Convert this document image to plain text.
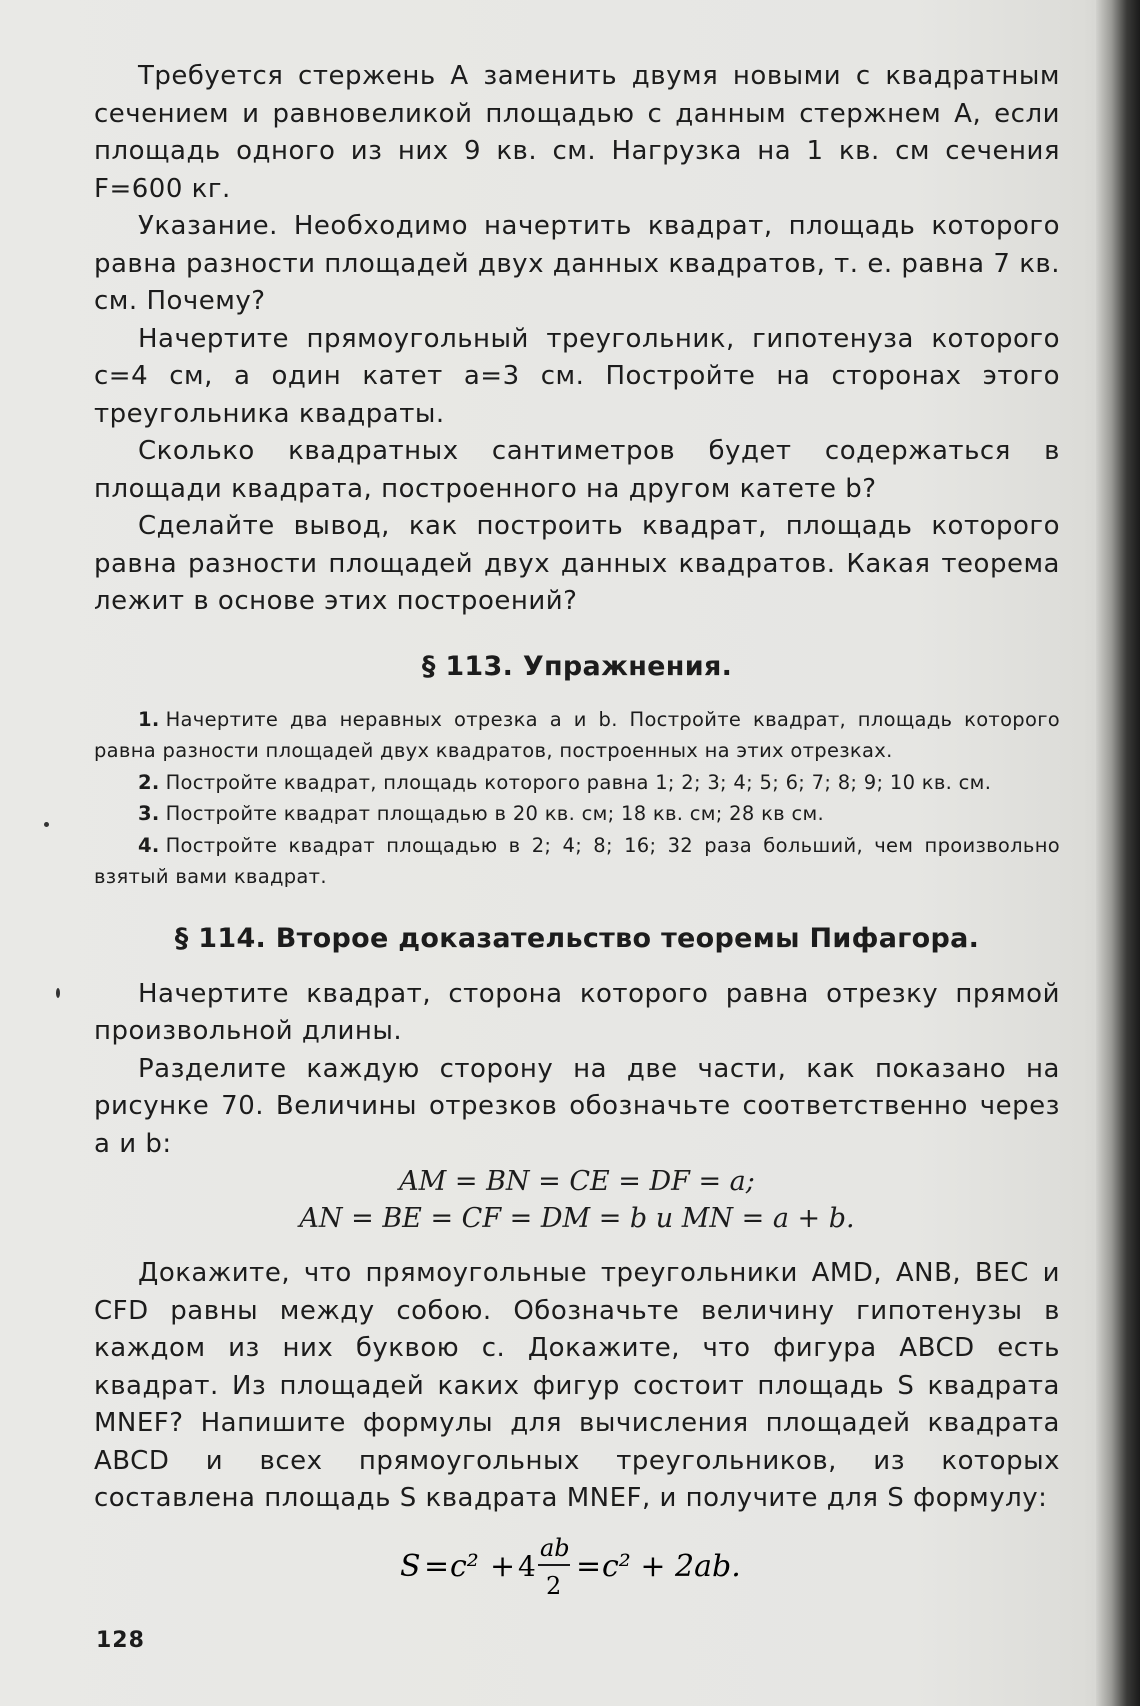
Требуется стержень A заменить двумя новыми с квадратным сечением и равновеликой площадью с данным стержнем A, если площадь одного из них 9 кв. см. Нагрузка на 1 кв. см сечения F=600 кг.

Указание. Необходимо начертить квадрат, площадь которого равна разности площадей двух данных квадратов, т. е. равна 7 кв. см. Почему?

Начертите прямоугольный треугольник, гипотенуза которого c=4 см, а один катет a=3 см. Постройте на сторонах этого треугольника квадраты.

Сколько квадратных сантиметров будет содержаться в площади квадрата, построенного на другом катете b?

Сделайте вывод, как построить квадрат, площадь которого равна разности площадей двух данных квадратов. Какая теорема лежит в основе этих построений?

§ 113. Упражнения.
1. Начертите два неравных отрезка a и b. Постройте квадрат, площадь которого равна разности площадей двух квадратов, построенных на этих отрезках.
2. Постройте квадрат, площадь которого равна 1; 2; 3; 4; 5; 6; 7; 8; 9; 10 кв. см.
3. Постройте квадрат площадью в 20 кв. см; 18 кв. см; 28 кв см.
4. Постройте квадрат площадью в 2; 4; 8; 16; 32 раза больший, чем произвольно взятый вами квадрат.
§ 114. Второе доказательство теоремы Пифагора.

Начертите квадрат, сторона которого равна отрезку прямой произвольной длины.

Разделите каждую сторону на две части, как показано на рисунке 70. Величины отрезков обозначьте соответственно через a и b:

AM = BN = CE = DF = a;
AN = BE = CF = DM = b и MN = a + b.

Докажите, что прямоугольные треугольники AMD, ANB, BEC и CFD равны между собою. Обозначьте величину гипотенузы в каждом из них буквою c. Докажите, что фигура ABCD есть квадрат. Из площадей каких фигур состоит площадь S квадрата MNEF? Напишите формулы для вычисления площадей квадрата ABCD и всех прямоугольных треугольников, из которых составлена площадь S квадрата MNEF, и получите для S формулу:

S = c² + 4
ab
2
= c² + 2ab.
128
